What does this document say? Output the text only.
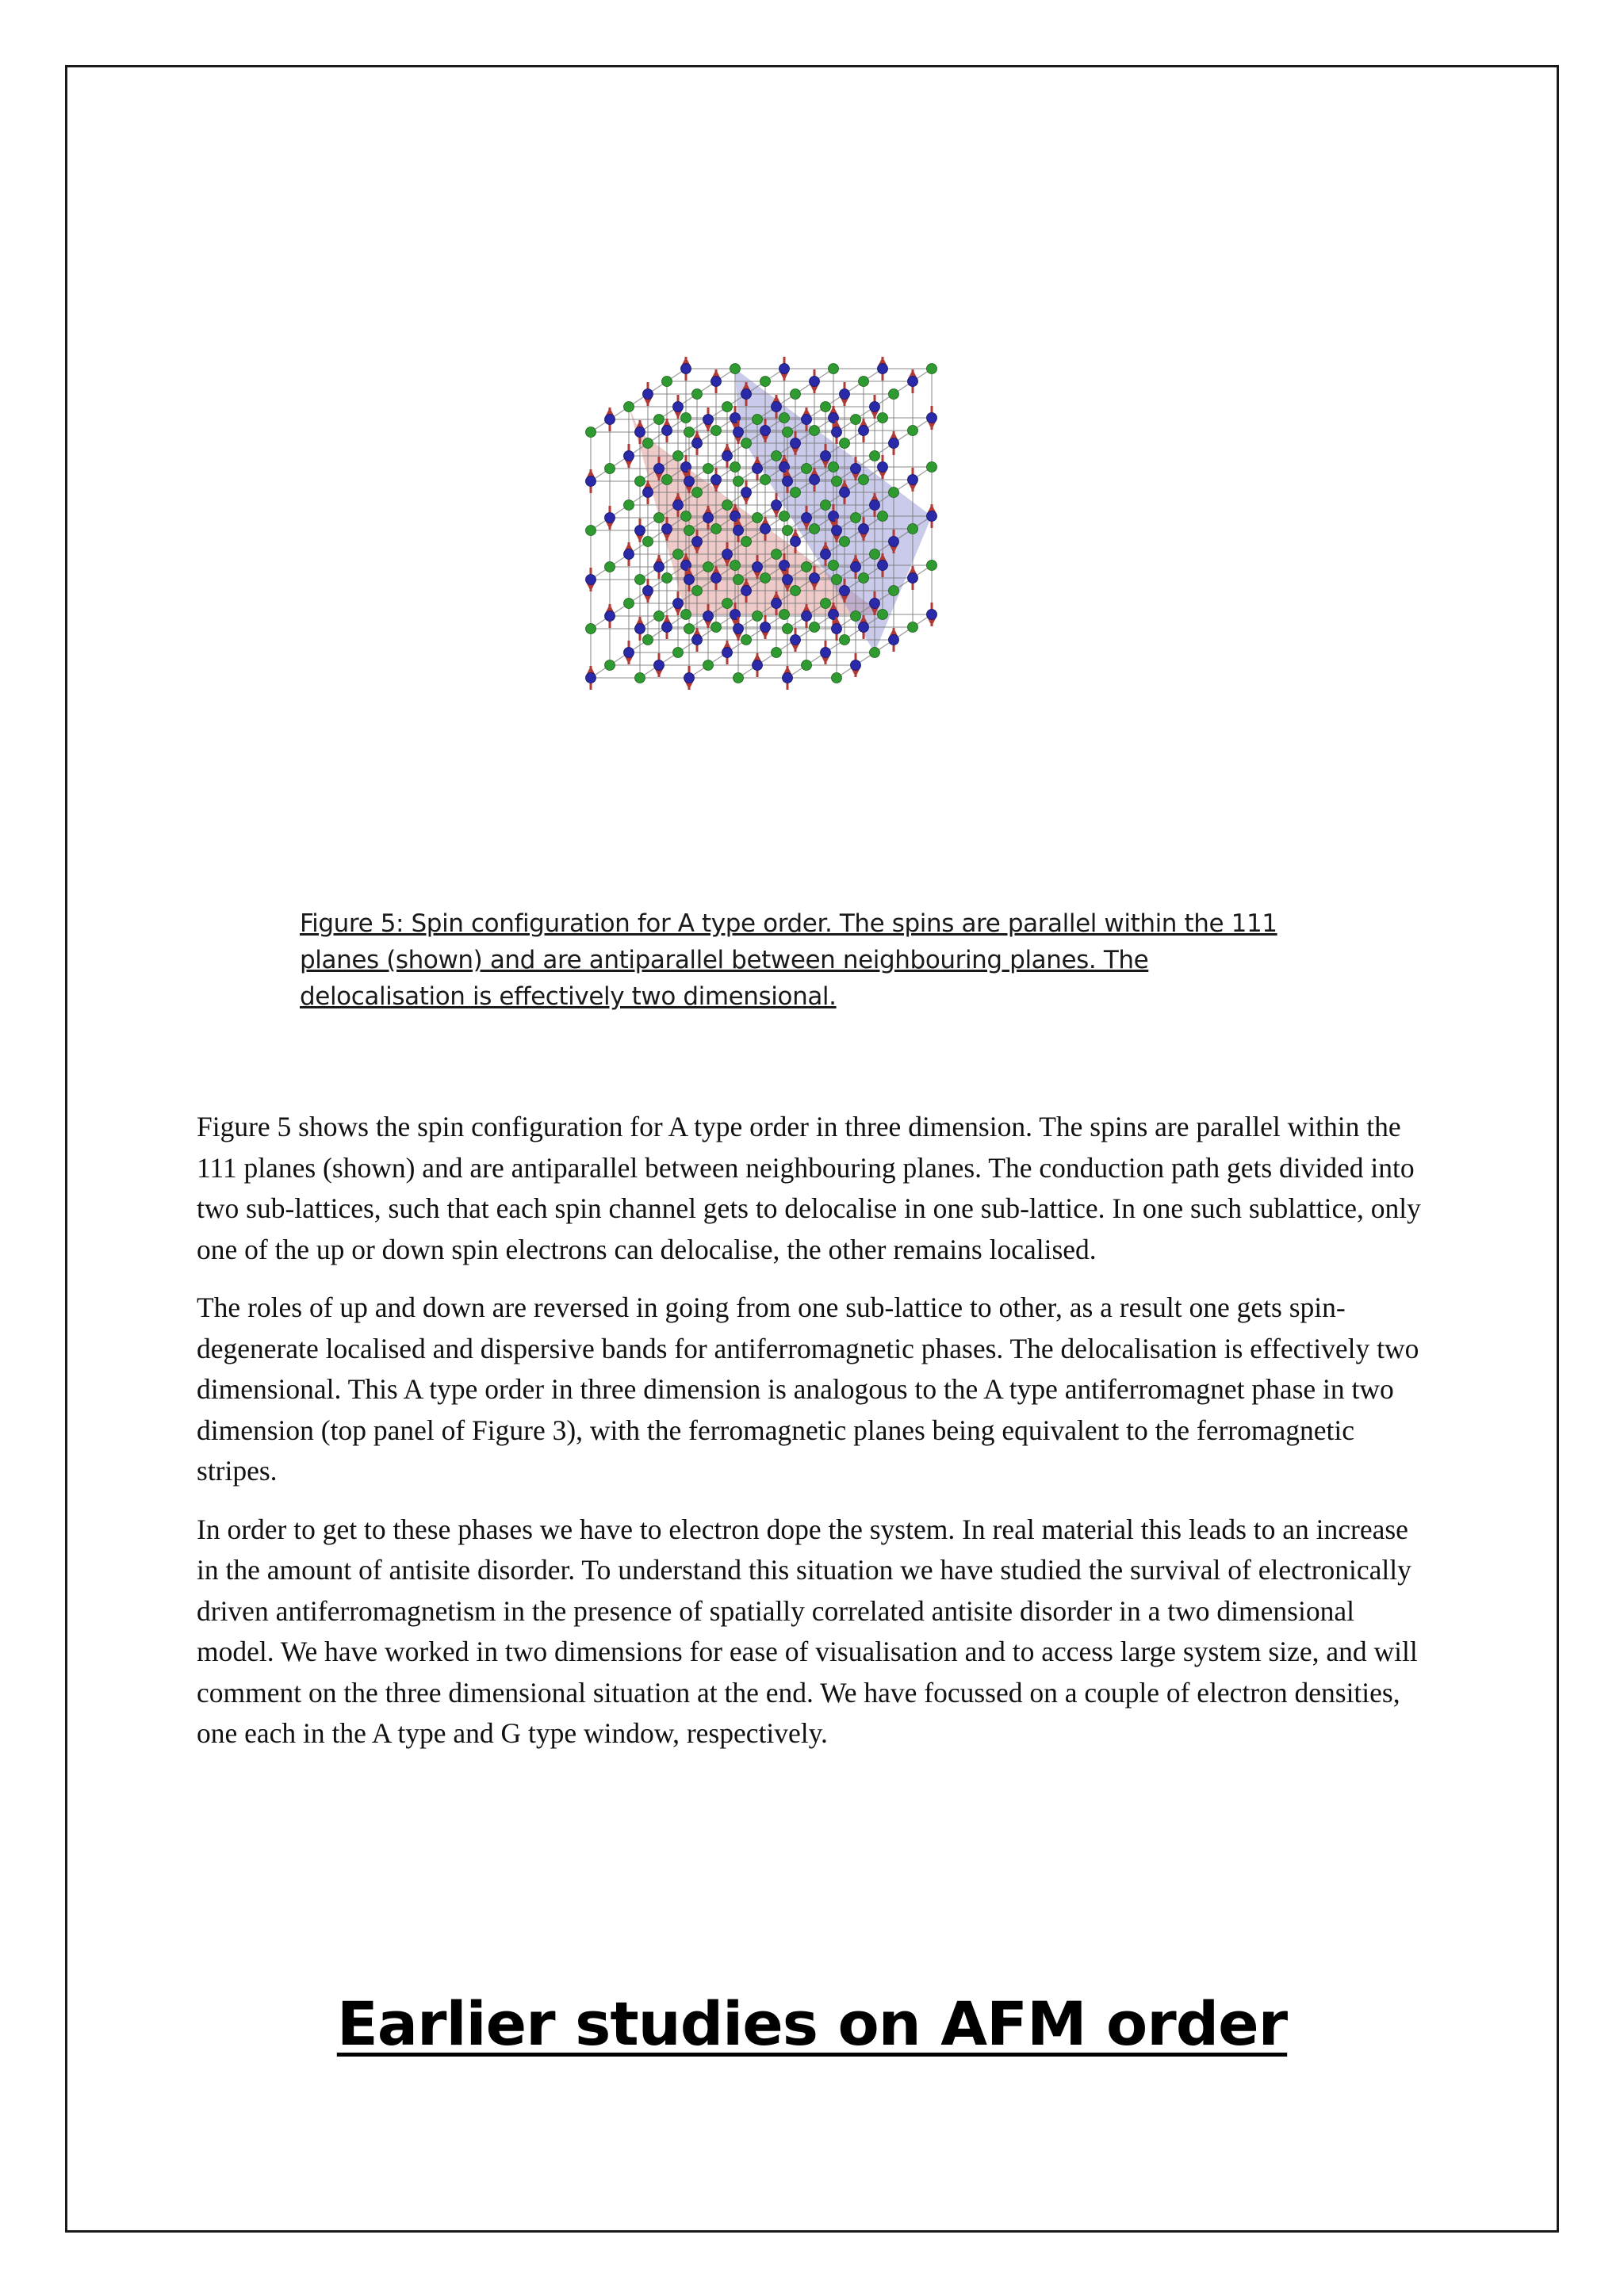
Figure 5: Spin configuration for A type order. The spins are parallel within the 111

planes (shown) and are antiparallel between neighbouring planes. The

delocalisation is effectively two dimensional.

Figure 5 shows the spin configuration for A type order in three dimension. The spins are parallel within the 111 planes (shown) and are antiparallel between neighbouring planes. The conduction path gets divided into two sub-lattices, such that each spin channel gets to delocalise in one sub-lattice. In one such sublattice, only one of the up or down spin electrons can delocalise, the other remains localised.

The roles of up and down are reversed in going from one sub-lattice to other, as a result one gets spin-degenerate localised and dispersive bands for antiferromagnetic phases. The delocalisation is effectively two dimensional. This A type order in three dimension is analogous to the A type antiferromagnet phase in two dimension (top panel of Figure 3), with the ferromagnetic planes being equivalent to the ferromagnetic stripes.

In order to get to these phases we have to electron dope the system. In real material this leads to an increase in the amount of antisite disorder. To understand this situation we have studied the survival of electronically driven antiferromagnetism in the presence of spatially correlated antisite disorder in a two dimensional model. We have worked in two dimensions for ease of visualisation and to access large system size, and will comment on the three dimensional situation at the end. We have focussed on a couple of electron densities, one each in the A type and G type window, respectively.

Earlier studies on AFM order
